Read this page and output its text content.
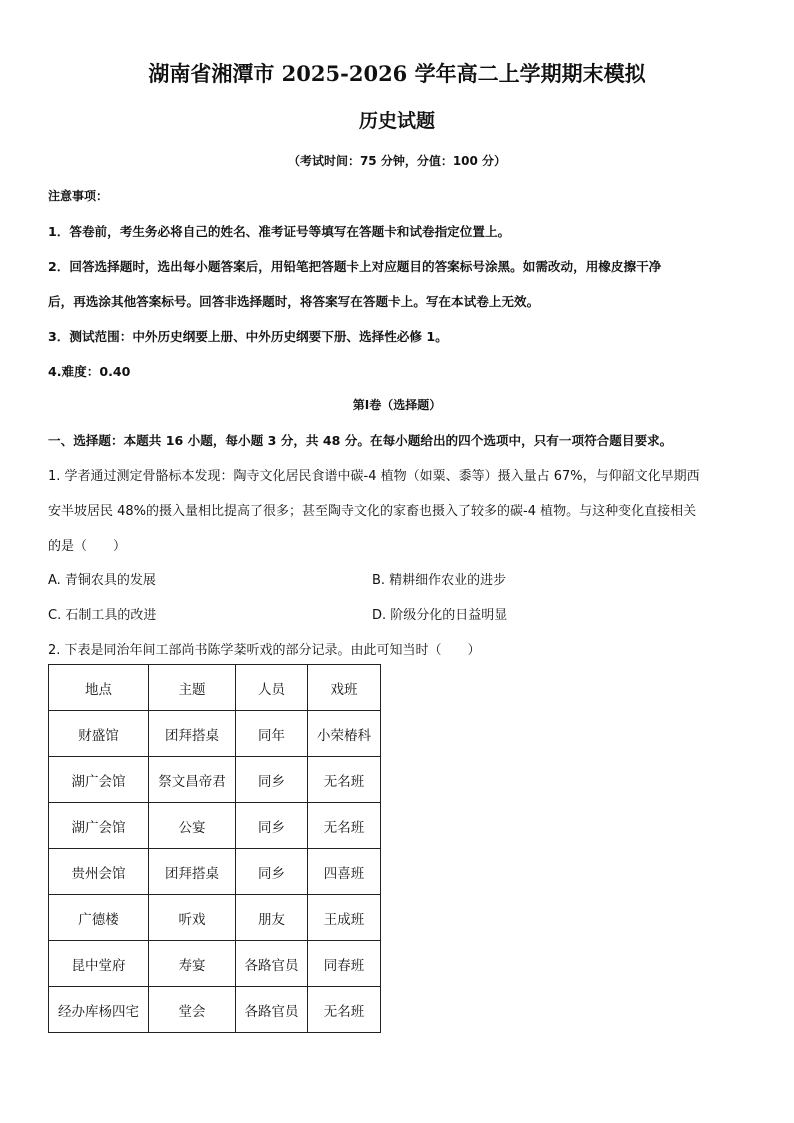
湖南省湘潭市 2025-2026 学年高二上学期期末模拟
历史试题
（考试时间：75 分钟，分值：100 分）
注意事项：
1．答卷前，考生务必将自己的姓名、准考证号等填写在答题卡和试卷指定位置上。
2．回答选择题时，选出每小题答案后，用铅笔把答题卡上对应题目的答案标号涂黑。如需改动，用橡皮擦干净
后，再选涂其他答案标号。回答非选择题时，将答案写在答题卡上。写在本试卷上无效。
3．测试范围：中外历史纲要上册、中外历史纲要下册、选择性必修 1。
4.难度：0.40
第Ⅰ卷（选择题）
一、选择题：本题共 16 小题，每小题 3 分，共 48 分。在每小题给出的四个选项中，只有一项符合题目要求。
1. 学者通过测定骨骼标本发现：陶寺文化居民食谱中碳-4 植物（如粟、黍等）摄入量占 67%，与仰韶文化早期西
安半坡居民 48%的摄入量相比提高了很多；甚至陶寺文化的家畜也摄入了较多的碳-4 植物。与这种变化直接相关
的是（　　）
A. 青铜农具的发展	B. 精耕细作农业的进步
C. 石制工具的改进	D. 阶级分化的日益明显
2. 下表是同治年间工部尚书陈学棻听戏的部分记录。由此可知当时（　　）
地点	主题	人员	戏班
财盛馆	团拜搭桌	同年	小荣椿科
湖广会馆	祭文昌帝君	同乡	无名班
湖广会馆	公宴	同乡	无名班
贵州会馆	团拜搭桌	同乡	四喜班
广德楼	听戏	朋友	王成班
昆中堂府	寿宴	各路官员	同春班
经办库杨四宅	堂会	各路官员	无名班
